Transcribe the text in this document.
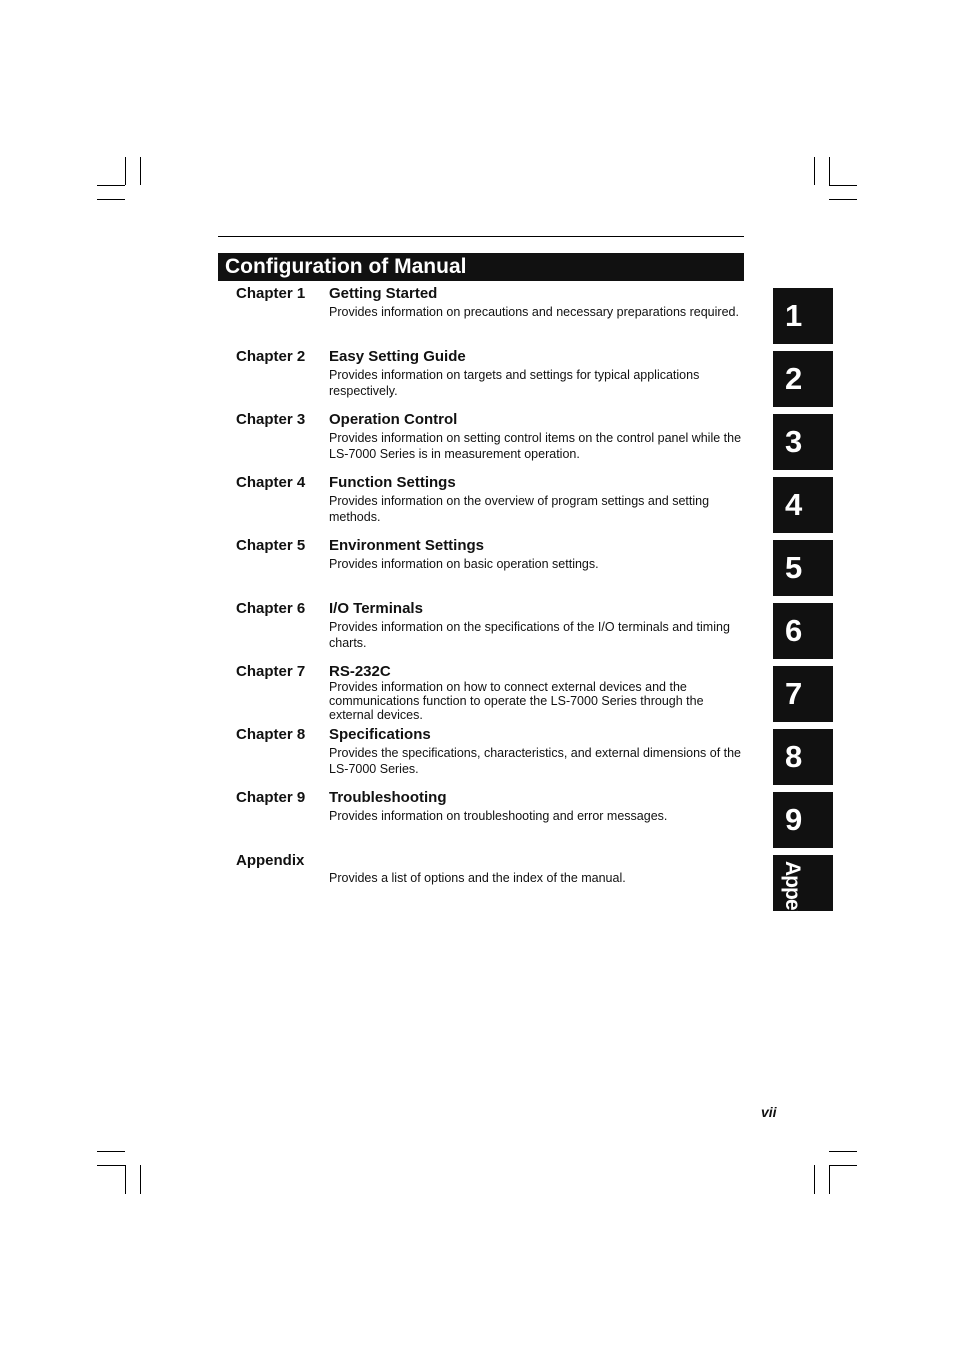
Configuration of Manual
Chapter 1 Getting Started
Provides information on precautions and necessary preparations required.
Chapter 2 Easy Setting Guide
Provides information on targets and settings for typical applications respectively.
Chapter 3 Operation Control
Provides information on setting control items on the control panel while the LS-7000 Series is in measurement operation.
Chapter 4 Function Settings
Provides information on the overview of program settings and setting methods.
Chapter 5 Environment Settings
Provides information on basic operation settings.
Chapter 6 I/O Terminals
Provides information on the specifications of the I/O terminals and timing charts.
Chapter 7 RS-232C
Provides information on how to connect external devices and the communications function to operate the LS-7000 Series through the external devices.
Chapter 8 Specifications
Provides the specifications, characteristics, and external dimensions of the LS-7000 Series.
Chapter 9 Troubleshooting
Provides information on troubleshooting and error messages.
Appendix
Provides a list of options and the index of the manual.
1
2
3
4
5
6
7
8
9
Appendix
vii
